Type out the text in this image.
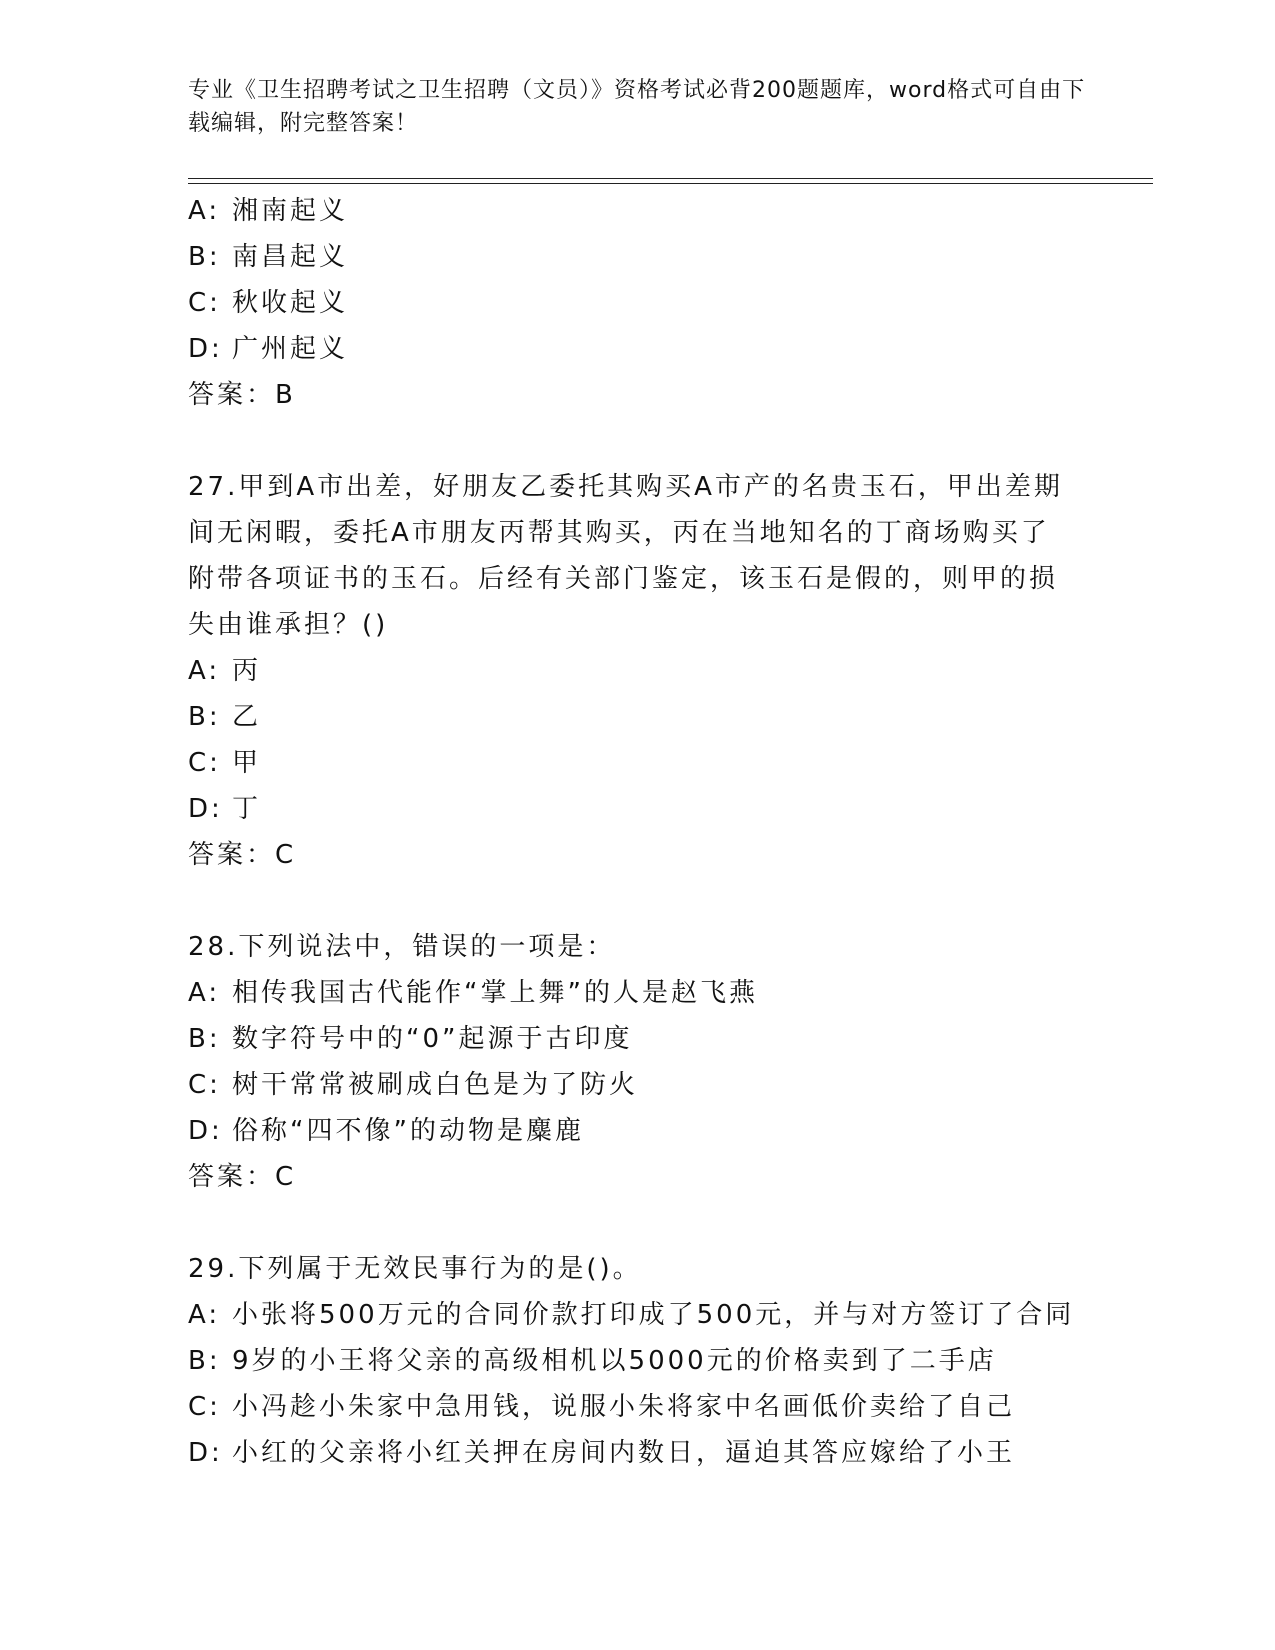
专业《卫生招聘考试之卫生招聘（文员）》资格考试必背200题题库，word格式可自由下载编辑，附完整答案！
A: 湘南起义
B: 南昌起义
C: 秋收起义
D: 广州起义
答案：B
27.甲到A市出差，好朋友乙委托其购买A市产的名贵玉石，甲出差期间无闲暇，委托A市朋友丙帮其购买，丙在当地知名的丁商场购买了附带各项证书的玉石。后经有关部门鉴定，该玉石是假的，则甲的损失由谁承担？()
A: 丙
B: 乙
C: 甲
D: 丁
答案：C
28.下列说法中，错误的一项是：
A: 相传我国古代能作“掌上舞”的人是赵飞燕
B: 数字符号中的“0”起源于古印度
C: 树干常常被刷成白色是为了防火
D: 俗称“四不像”的动物是麋鹿
答案：C
29.下列属于无效民事行为的是()。
A: 小张将500万元的合同价款打印成了500元，并与对方签订了合同
B: 9岁的小王将父亲的高级相机以5000元的价格卖到了二手店
C: 小冯趁小朱家中急用钱，说服小朱将家中名画低价卖给了自己
D: 小红的父亲将小红关押在房间内数日，逼迫其答应嫁给了小王
